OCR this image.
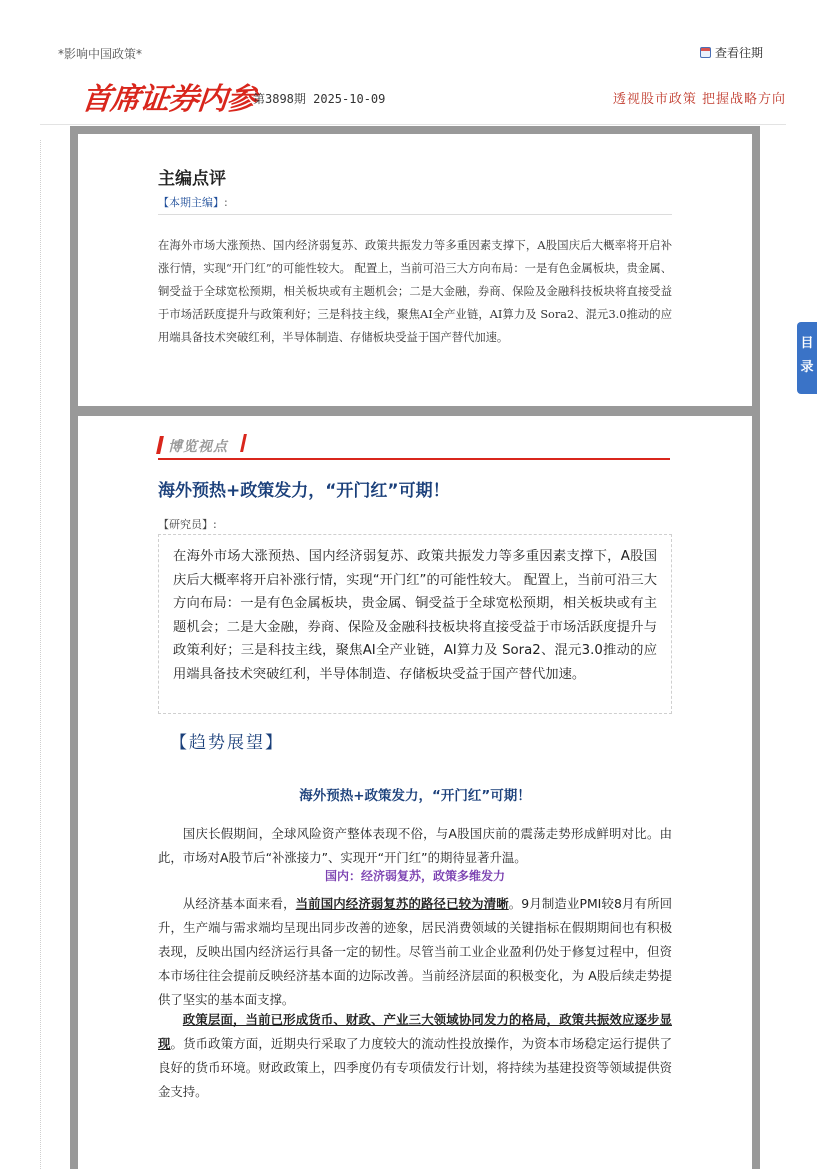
*影响中国政策*	查看往期
首席证券内参
第3898期 2025-10-09	透视股市政策 把握战略方向
主编点评
【本期主编】:
在海外市场大涨预热、国内经济弱复苏、政策共振发力等多重因素支撑下，A股国庆后大概率将开启补涨行情，实现“开门红”的可能性较大。 配置上，当前可沿三大方向布局：一是有色金属板块，贵金属、铜受益于全球宽松预期，相关板块或有主题机会；二是大金融，券商、保险及金融科技板块将直接受益于市场活跃度提升与政策利好；三是科技主线，聚焦AI全产业链，AI算力及 Sora2、混元3.0推动的应用端具备技术突破红利，半导体制造、存储板块受益于国产替代加速。
博览视点
海外预热+政策发力，“开门红”可期！
【研究员】:
在海外市场大涨预热、国内经济弱复苏、政策共振发力等多重因素支撑下，A股国庆后大概率将开启补涨行情，实现“开门红”的可能性较大。 配置上，当前可沿三大方向布局：一是有色金属板块，贵金属、铜受益于全球宽松预期，相关板块或有主题机会；二是大金融，券商、保险及金融科技板块将直接受益于市场活跃度提升与政策利好；三是科技主线，聚焦AI全产业链，AI算力及 Sora2、混元3.0推动的应用端具备技术突破红利，半导体制造、存储板块受益于国产替代加速。
【趋势展望】
海外预热+政策发力，“开门红”可期！
国庆长假期间，全球风险资产整体表现不俗，与A股国庆前的震荡走势形成鲜明对比。由此，市场对A股节后“补涨接力”、实现开“开门红”的期待显著升温。
国内：经济弱复苏，政策多维发力
从经济基本面来看，当前国内经济弱复苏的路径已较为清晰。9月制造业PMI较8月有所回升，生产端与需求端均呈现出同步改善的迹象，居民消费领域的关键指标在假期期间也有积极表现，反映出国内经济运行具备一定的韧性。尽管当前工业企业盈利仍处于修复过程中，但资本市场往往会提前反映经济基本面的边际改善。当前经济层面的积极变化，为 A股后续走势提供了坚实的基本面支撑。
政策层面，当前已形成货币、财政、产业三大领域协同发力的格局，政策共振效应逐步显现。货币政策方面，近期央行采取了力度较大的流动性投放操作，为资本市场稳定运行提供了良好的货币环境。财政政策上，四季度仍有专项债发行计划，将持续为基建投资等领域提供资金支持。
目录
